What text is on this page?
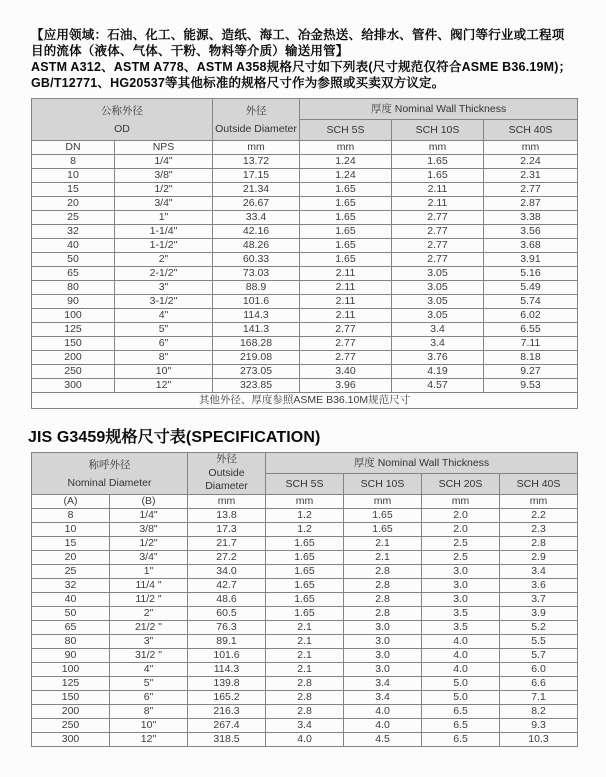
【应用领域：石油、化工、能源、造纸、海工、冶金热送、给排水、管件、阀门等行业或工程项
目的流体（液体、气体、干粉、物料等介质）输送用管】
ASTM A312、ASTM A778、ASTM A358规格尺寸如下列表(尺寸规范仅符合ASME B36.19M)；
GB/T12771、HG20537等其他标准的规格尺寸作为参照或买卖双方议定。
公称外径
OD		外径
Outside Diameter	厚度 Nominal Wall Thickness		
			SCH 5S	SCH 10S	SCH 40S
DN	NPS	mm	mm	mm	mm
8	1/4"	13.72	1.24	1.65	2.24
10	3/8"	17.15	1.24	1.65	2.31
15	1/2"	21.34	1.65	2.11	2.77
20	3/4"	26.67	1.65	2.11	2.87
25	1"	33.4	1.65	2.77	3.38
32	1-1/4"	42.16	1.65	2.77	3.56
40	1-1/2"	48.26	1.65	2.77	3.68
50	2"	60.33	1.65	2.77	3.91
65	2-1/2"	73.03	2.11	3.05	5.16
80	3"	88.9	2.11	3.05	5.49
90	3-1/2"	101.6	2.11	3.05	5.74
100	4"	114.3	2.11	3.05	6.02
125	5"	141.3	2.77	3.4	6.55
150	6"	168.28	2.77	3.4	7.11
200	8"	219.08	2.77	3.76	8.18
250	10"	273.05	3.40	4.19	9.27
300	12"	323.85	3.96	4.57	9.53
其他外径、厚度参照ASME B36.10M规范尺寸					
JIS G3459规格尺寸表(SPECIFICATION)
称呼外径
Nominal Diameter		外径
Outside
Diameter	厚度 Nominal Wall Thickness			
			SCH 5S	SCH 10S	SCH 20S	SCH 40S
(A)	(B)	mm	mm	mm	mm	mm
8	1/4"	13.8	1.2	1.65	2.0	2.2
10	3/8"	17.3	1.2	1.65	2.0	2.3
15	1/2"	21.7	1.65	2.1	2.5	2.8
20	3/4"	27.2	1.65	2.1	2.5	2.9
25	1"	34.0	1.65	2.8	3.0	3.4
32	11/4 "	42.7	1.65	2.8	3.0	3.6
40	11/2 "	48.6	1.65	2.8	3.0	3.7
50	2"	60.5	1.65	2.8	3.5	3.9
65	21/2 "	76.3	2.1	3.0	3.5	5.2
80	3"	89.1	2.1	3.0	4.0	5.5
90	31/2 "	101.6	2.1	3.0	4.0	5.7
100	4"	114.3	2.1	3.0	4.0	6.0
125	5"	139.8	2.8	3.4	5.0	6.6
150	6"	165.2	2.8	3.4	5.0	7.1
200	8"	216.3	2.8	4.0	6.5	8.2
250	10"	267.4	3.4	4.0	6.5	9.3
300	12"	318.5	4.0	4.5	6.5	10.3
